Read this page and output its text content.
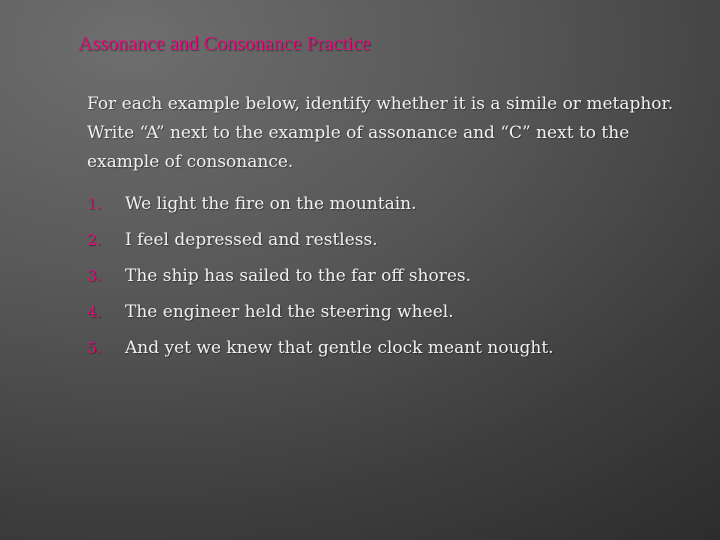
Assonance and Consonance Practice
For each example below, identify whether it is a simile or metaphor. Write “A” next to the example of assonance and “C” next to the example of consonance.
1.	We light the fire on the mountain.
2.	I feel depressed and restless.
3.	The ship has sailed to the far off shores.
4.	The engineer held the steering wheel.
5.	And yet we knew that gentle clock meant nought.
